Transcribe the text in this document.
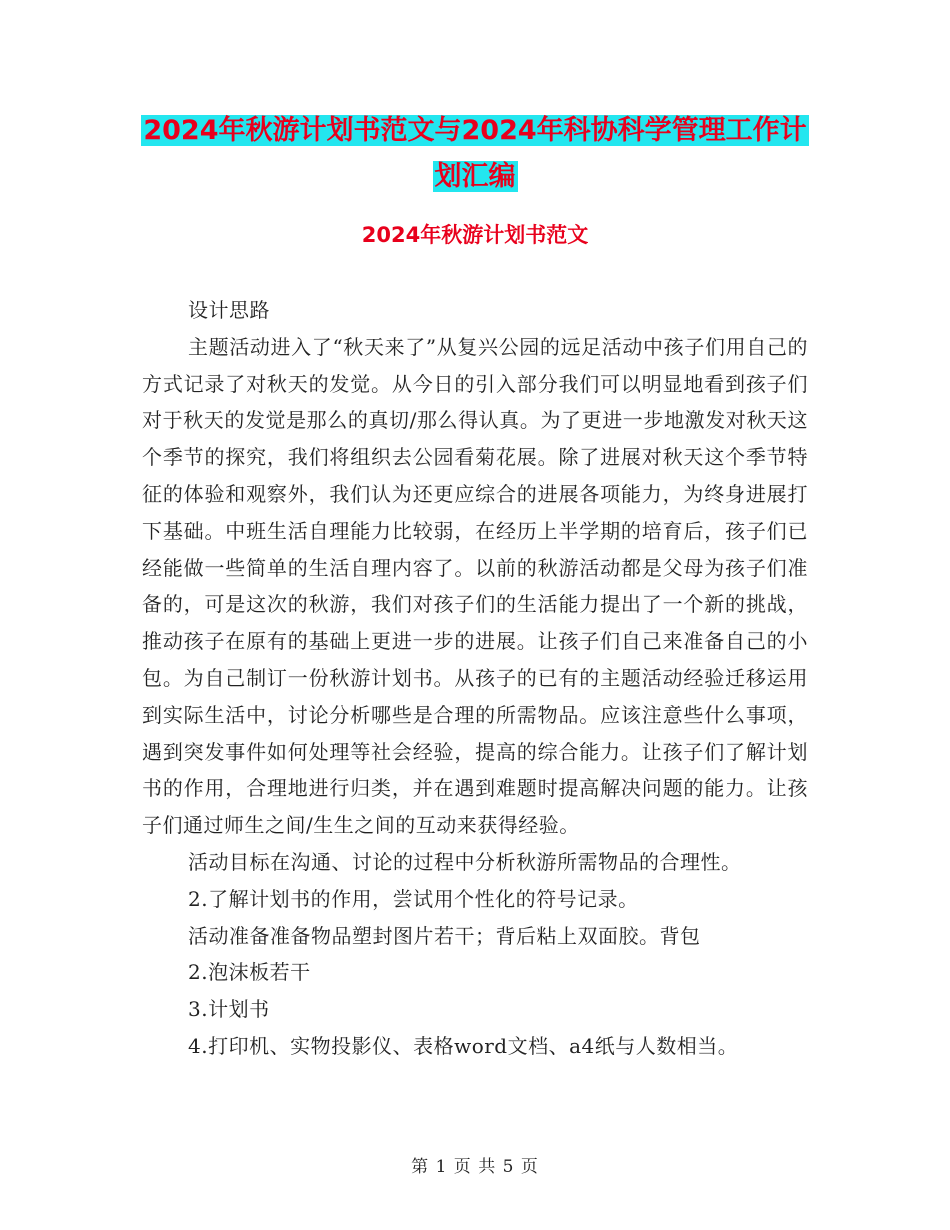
2024年秋游计划书范文与2024年科协科学管理工作计
划汇编
2024年秋游计划书范文

设计思路

主题活动进入了“秋天来了”从复兴公园的远足活动中孩子们用自己的方式记录了对秋天的发觉。从今日的引入部分我们可以明显地看到孩子们对于秋天的发觉是那么的真切/那么得认真。为了更进一步地激发对秋天这个季节的探究，我们将组织去公园看菊花展。除了进展对秋天这个季节特征的体验和观察外，我们认为还更应综合的进展各项能力，为终身进展打下基础。中班生活自理能力比较弱，在经历上半学期的培育后，孩子们已经能做一些简单的生活自理内容了。以前的秋游活动都是父母为孩子们准备的，可是这次的秋游，我们对孩子们的生活能力提出了一个新的挑战，推动孩子在原有的基础上更进一步的进展。让孩子们自己来准备自己的小包。为自己制订一份秋游计划书。从孩子的已有的主题活动经验迁移运用到实际生活中，讨论分析哪些是合理的所需物品。应该注意些什么事项，遇到突发事件如何处理等社会经验，提高的综合能力。让孩子们了解计划书的作用，合理地进行归类，并在遇到难题时提高解决问题的能力。让孩子们通过师生之间/生生之间的互动来获得经验。

活动目标在沟通、讨论的过程中分析秋游所需物品的合理性。

2.了解计划书的作用，尝试用个性化的符号记录。

活动准备准备物品塑封图片若干；背后粘上双面胶。背包

2.泡沫板若干

3.计划书

4.打印机、实物投影仪、表格word文档、a4纸与人数相当。

第 1 页 共 5 页
